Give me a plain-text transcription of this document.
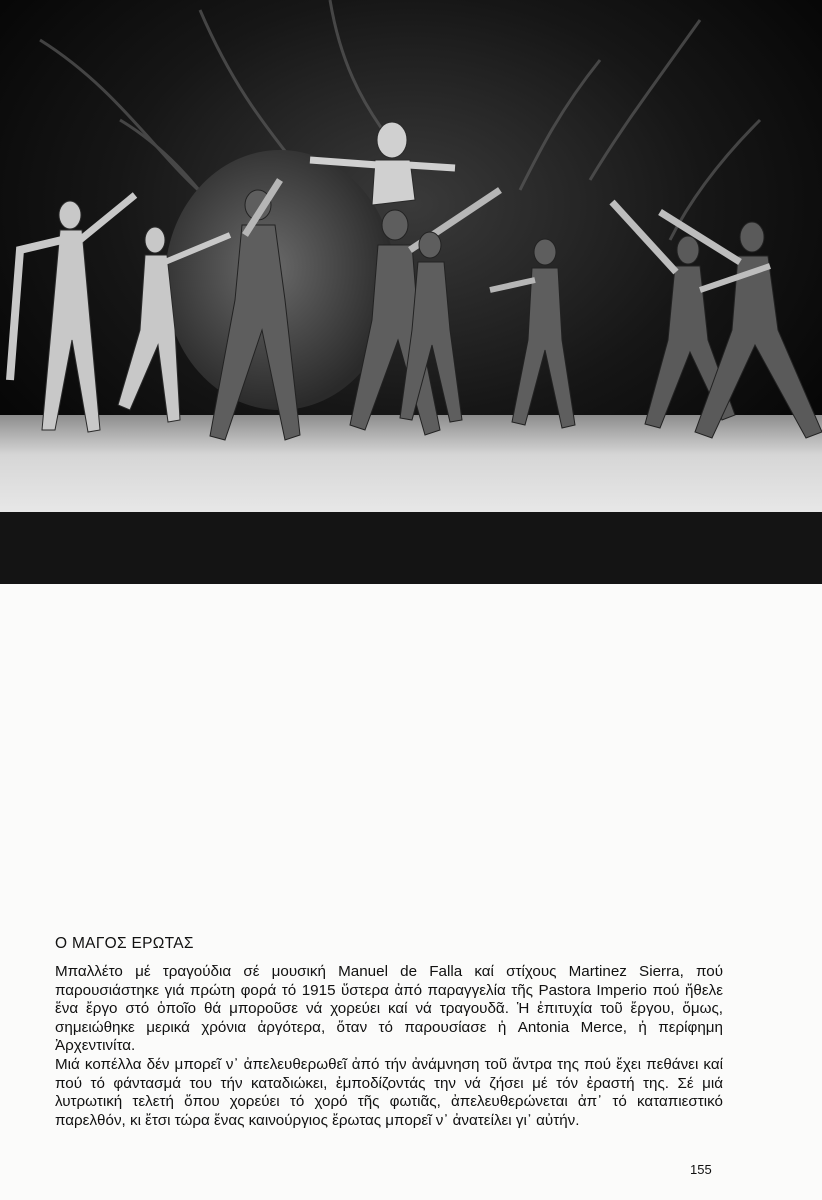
Ο ΜΑΓΟΣ ΕΡΩΤΑΣ

Μπαλλέτο μέ τραγούδια σέ μουσική Manuel de Falla καί στίχους Martinez Sierra, πού παρουσιάστηκε γιά πρώτη φορά τό 1915 ὕστερα ἀπό παραγγελία τῆς Pastora Imperio πού ἤθελε ἕνα ἔργο στό ὁποῖο θά μποροῦσε νά χορεύει καί νά τραγουδᾶ. Ἡ ἐπιτυχία τοῦ ἔργου, ὅμως, σημειώθηκε μερικά χρόνια ἀργότερα, ὅταν τό παρουσίασε ἡ Antonia Merce, ἡ περίφημη Ἀρχεντινίτα.

Μιά κοπέλλα δέν μπορεῖ ν᾿ ἀπελευθερωθεῖ ἀπό τήν ἀνάμνηση τοῦ ἄντρα της πού ἔχει πεθάνει καί πού τό φάντασμά του τήν καταδιώκει, ἐμποδίζοντάς την νά ζήσει μέ τόν ἐραστή της. Σέ μιά λυτρωτική τελετή ὅπου χορεύει τό χορό τῆς φωτιᾶς, ἀπελευθερώνεται ἀπ᾿ τό καταπιεστικό παρελθόν, κι ἔτσι τώρα ἕνας καινούργιος ἔρωτας μπορεῖ ν᾿ ἀνατείλει γι᾿ αὐτήν.

155
